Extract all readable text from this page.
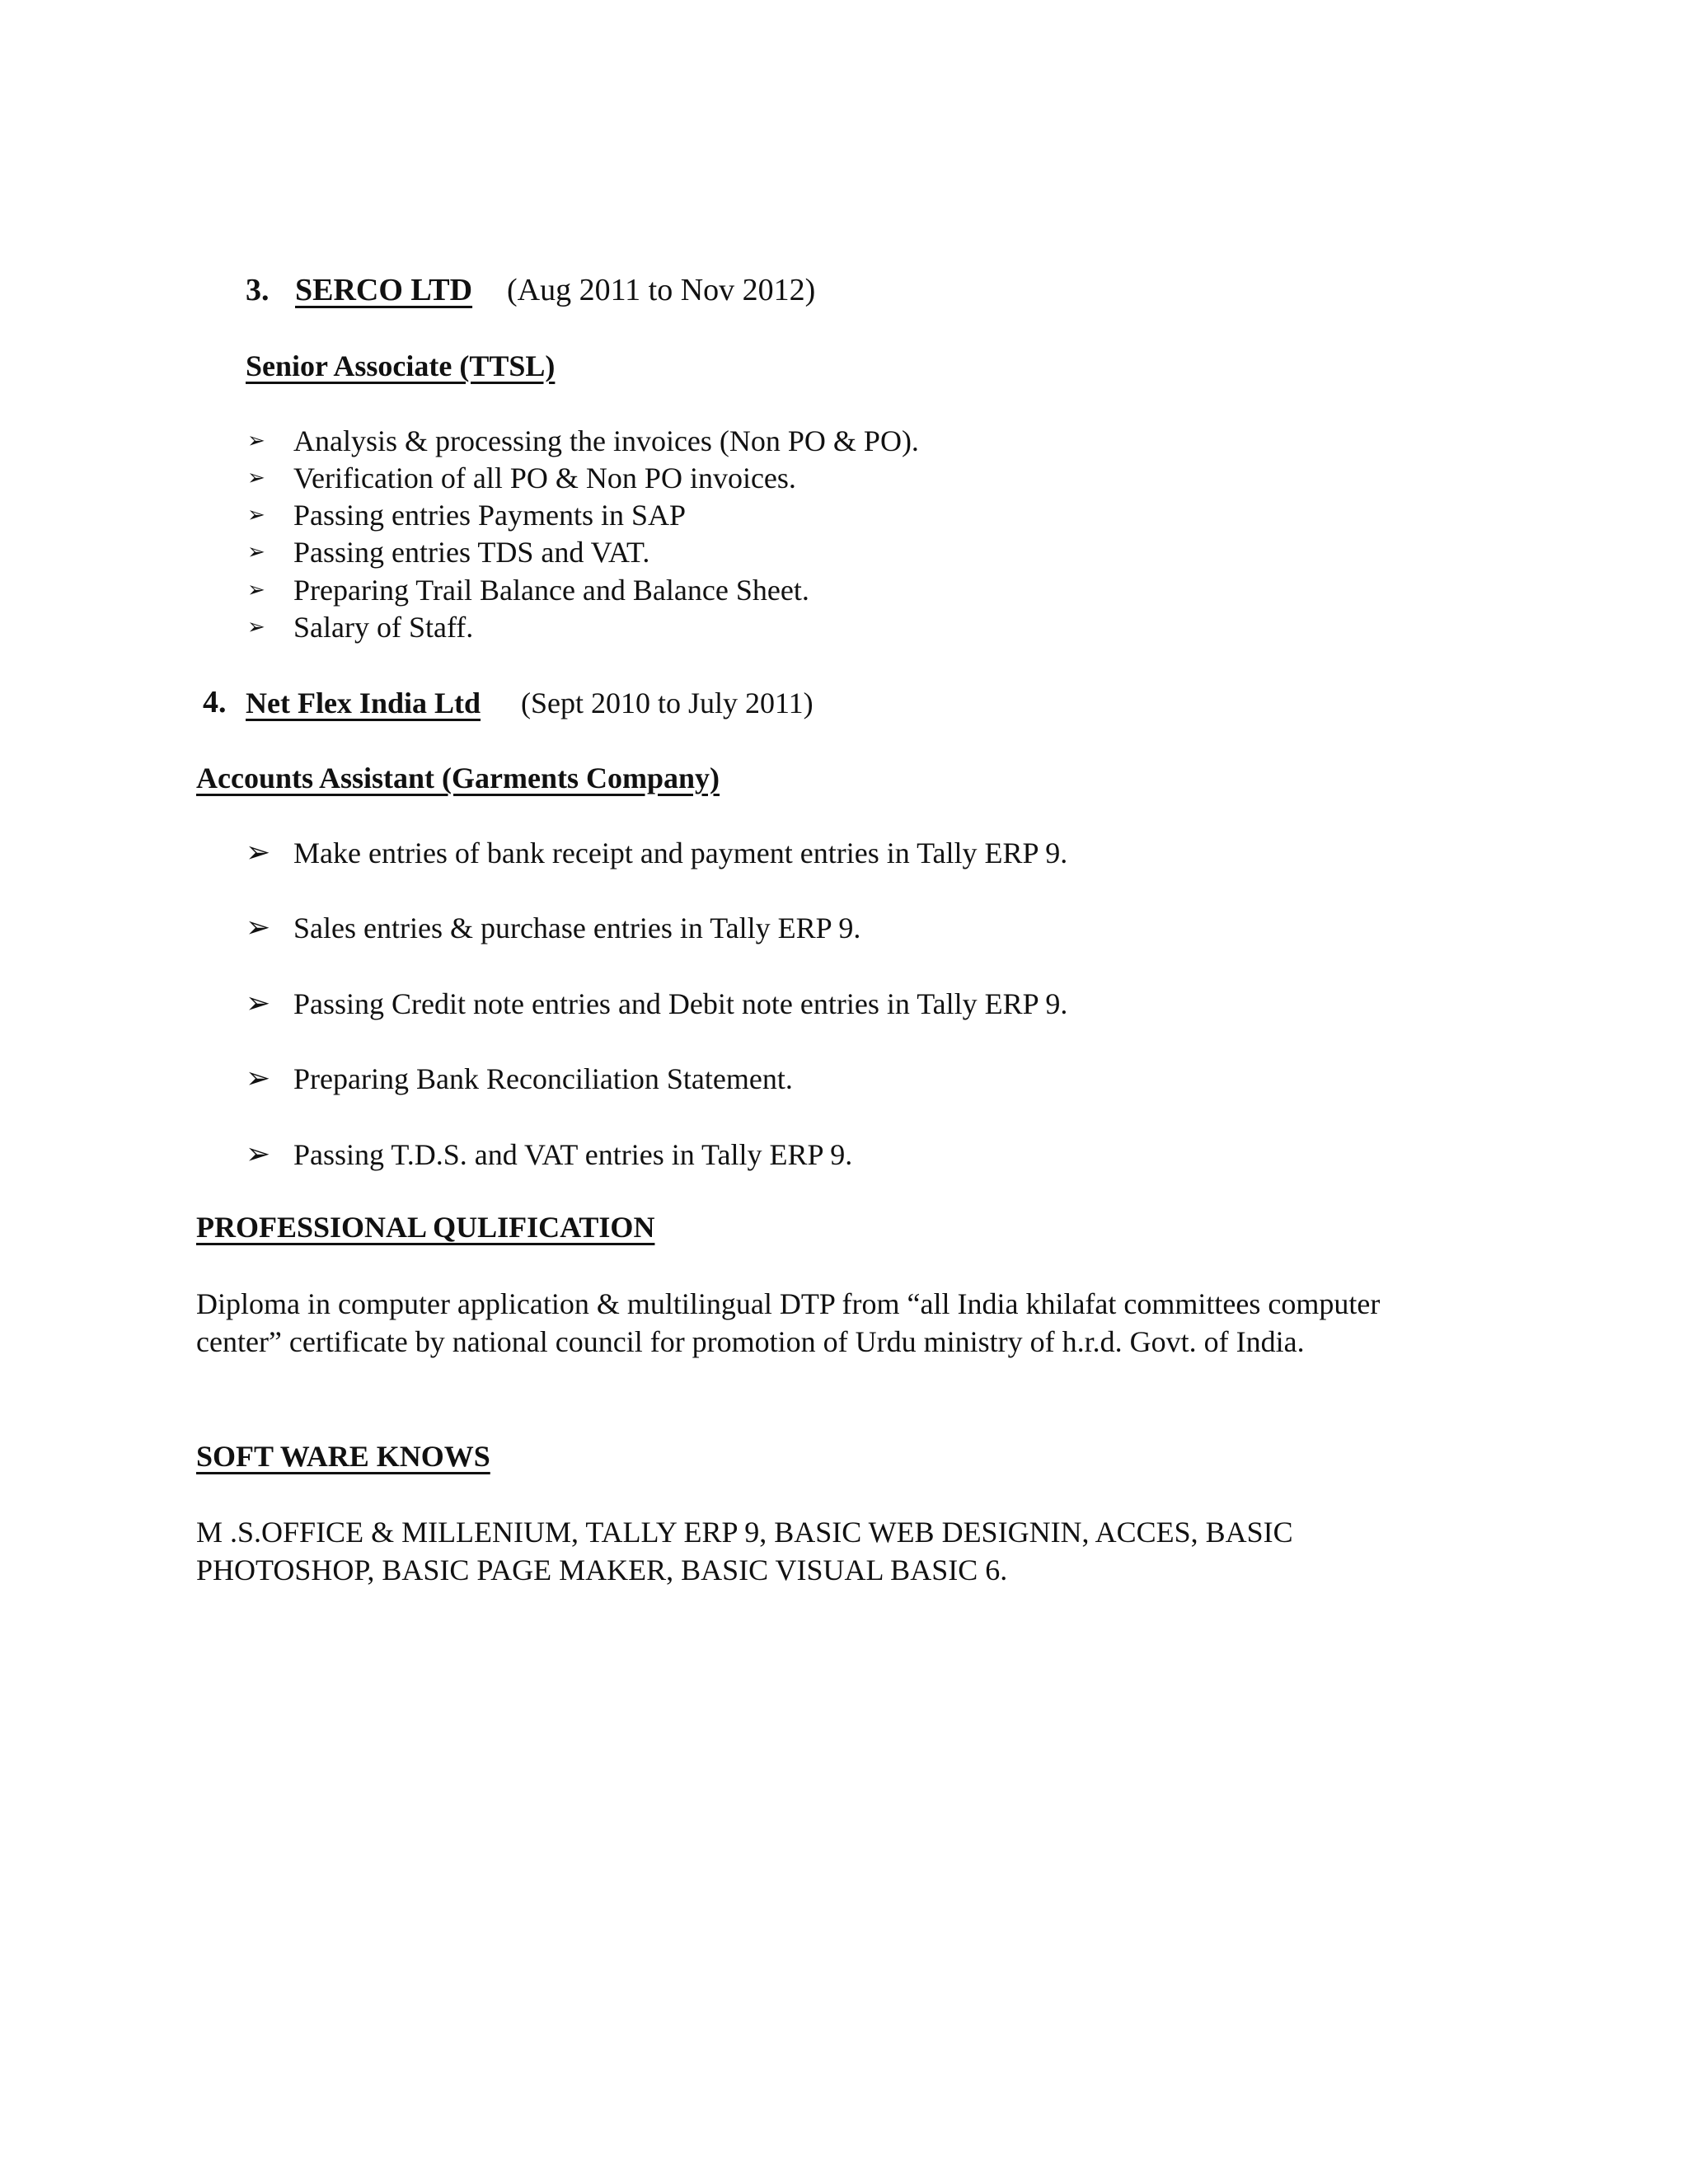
3. SERCO LTD (Aug 2011 to Nov 2012)
Senior Associate (TTSL)
➢ Analysis & processing the invoices (Non PO & PO).
➢ Verification of all PO & Non PO invoices.
➢ Passing entries Payments in SAP
➢ Passing entries TDS and VAT.
➢ Preparing Trail Balance and Balance Sheet.
➢ Salary of Staff.
4. Net Flex India Ltd (Sept 2010 to July 2011)
Accounts Assistant (Garments Company)
➢ Make entries of bank receipt and payment entries in Tally ERP 9.
➢ Sales entries & purchase entries in Tally ERP 9.
➢ Passing Credit note entries and Debit note entries in Tally ERP 9.
➢ Preparing Bank Reconciliation Statement.
➢ Passing T.D.S. and VAT entries in Tally ERP 9.
PROFESSIONAL QULIFICATION
Diploma in computer application & multilingual DTP from “all India khilafat committees computer center” certificate by national council for promotion of Urdu ministry of h.r.d. Govt. of India.
SOFT WARE KNOWS
M .S.OFFICE & MILLENIUM, TALLY ERP 9, BASIC WEB DESIGNIN, ACCES, BASIC PHOTOSHOP, BASIC PAGE MAKER, BASIC VISUAL BASIC 6.
